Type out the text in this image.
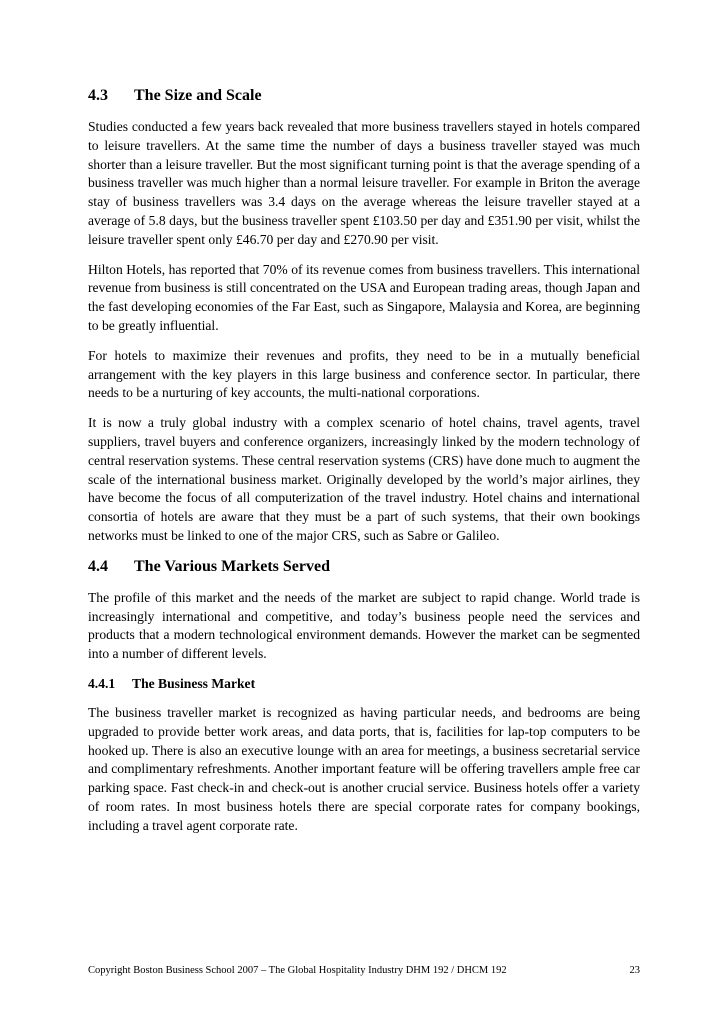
4.3 The Size and Scale

Studies conducted a few years back revealed that more business travellers stayed in hotels compared to leisure travellers. At the same time the number of days a business traveller stayed was much shorter than a leisure traveller. But the most significant turning point is that the average spending of a business traveller was much higher than a normal leisure traveller. For example in Briton the average stay of business travellers was 3.4 days on the average whereas the leisure traveller stayed at a average of 5.8 days, but the business traveller spent £103.50 per day and £351.90 per visit, whilst the leisure traveller spent only £46.70 per day and £270.90 per visit.

Hilton Hotels, has reported that 70% of its revenue comes from business travellers. This international revenue from business is still concentrated on the USA and European trading areas, though Japan and the fast developing economies of the Far East, such as Singapore, Malaysia and Korea, are beginning to be greatly influential.

For hotels to maximize their revenues and profits, they need to be in a mutually beneficial arrangement with the key players in this large business and conference sector. In particular, there needs to be a nurturing of key accounts, the multi-national corporations.

It is now a truly global industry with a complex scenario of hotel chains, travel agents, travel suppliers, travel buyers and conference organizers, increasingly linked by the modern technology of central reservation systems. These central reservation systems (CRS) have done much to augment the scale of the international business market. Originally developed by the world’s major airlines, they have become the focus of all computerization of the travel industry. Hotel chains and international consortia of hotels are aware that they must be a part of such systems, that their own bookings networks must be linked to one of the major CRS, such as Sabre or Galileo.

4.4 The Various Markets Served

The profile of this market and the needs of the market are subject to rapid change. World trade is increasingly international and competitive, and today’s business people need the services and products that a modern technological environment demands. However the market can be segmented into a number of different levels.

4.4.1 The Business Market

The business traveller market is recognized as having particular needs, and bedrooms are being upgraded to provide better work areas, and data ports, that is, facilities for lap-top computers to be hooked up. There is also an executive lounge with an area for meetings, a business secretarial service and complimentary refreshments. Another important feature will be offering travellers ample free car parking space. Fast check-in and check-out is another crucial service. Business hotels offer a variety of room rates. In most business hotels there are special corporate rates for company bookings, including a travel agent corporate rate.

Copyright Boston Business School 2007 – The Global Hospitality Industry DHM 192 / DHCM 192	23
